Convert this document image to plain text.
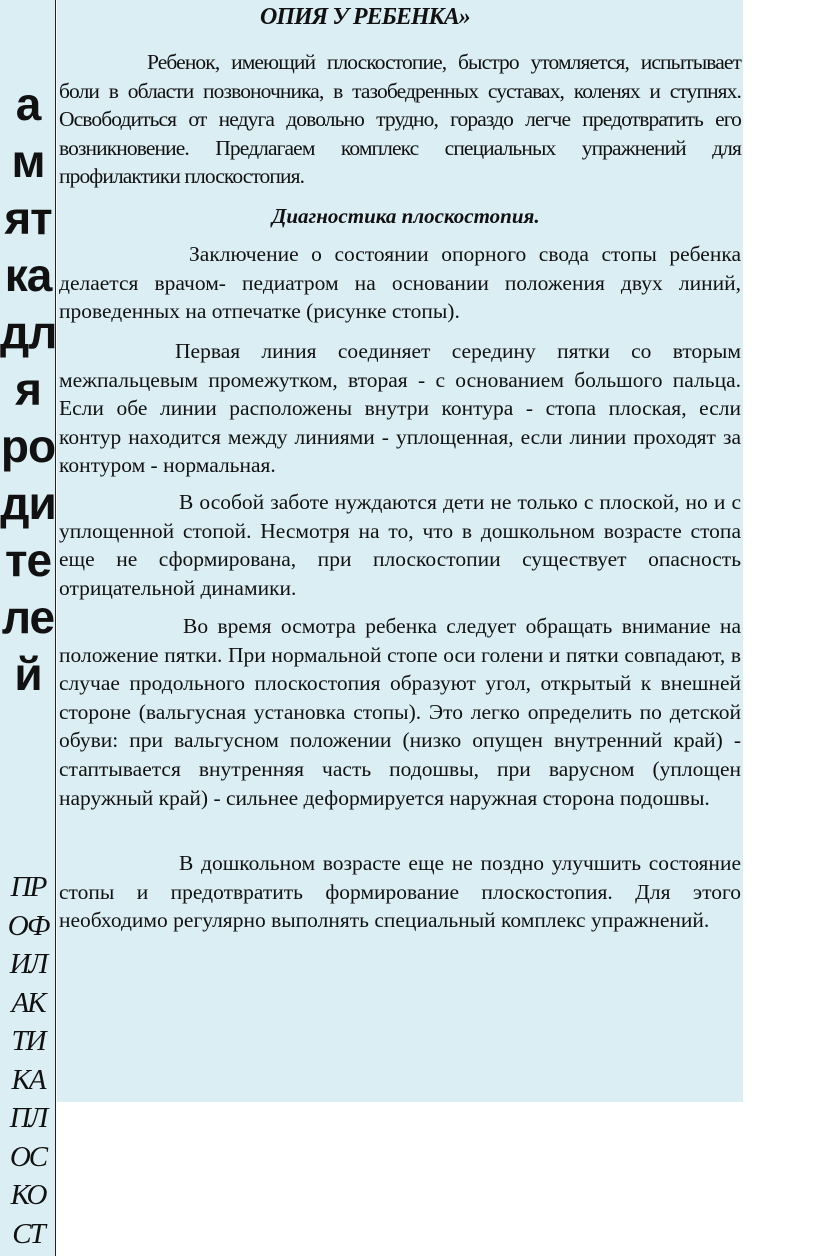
а
м
ят
ка
дл
я
ро
ди
те
ле
й
ПР
ОФ
ИЛ
АК
ТИ
КА
ПЛ
ОС
КО
СТ
ОПИЯ У РЕБЕНКА»

Ребенок, имеющий плоскостопие, быстро утомляется, испытывает боли в области позвоночника, в тазобедренных суставах, коленях и ступнях. Освободиться от недуга довольно трудно, гораздо легче предотвратить его возникновение. Предлагаем комплекс специальных упражнений для профилактики плоскостопия.

Диагностика плоскостопия.

Заключение о состоянии опорного свода стопы ребенка делается врачом- педиатром на основании положения двух линий, проведенных на отпечатке (рисунке стопы).

Первая линия соединяет середину пятки со вторым межпальцевым промежутком, вторая - с основанием большого пальца. Если обе линии расположены внутри контура - стопа плоская, если контур находится между линиями - уплощенная, если линии проходят за контуром - нормальная.

В особой заботе нуждаются дети не только с плоской, но и с уплощенной стопой. Несмотря на то, что в дошкольном возрасте стопа еще не сформирована, при плоскостопии существует опасность отрицательной динамики.

Во время осмотра ребенка следует обращать внимание на положение пятки. При нормальной стопе оси голени и пятки совпадают, в случае продольного плоскостопия образуют угол, открытый к внешней стороне (вальгусная установка стопы). Это легко определить по детской обуви: при вальгусном положении (низко опущен внутренний край) - стаптывается внутренняя часть подошвы, при варусном (уплощен наружный край) - сильнее деформируется наружная сторона подошвы.

В дошкольном возрасте еще не поздно улучшить состояние стопы и предотвратить формирование плоскостопия. Для этого необходимо регулярно выполнять специальный комплекс упражнений.
